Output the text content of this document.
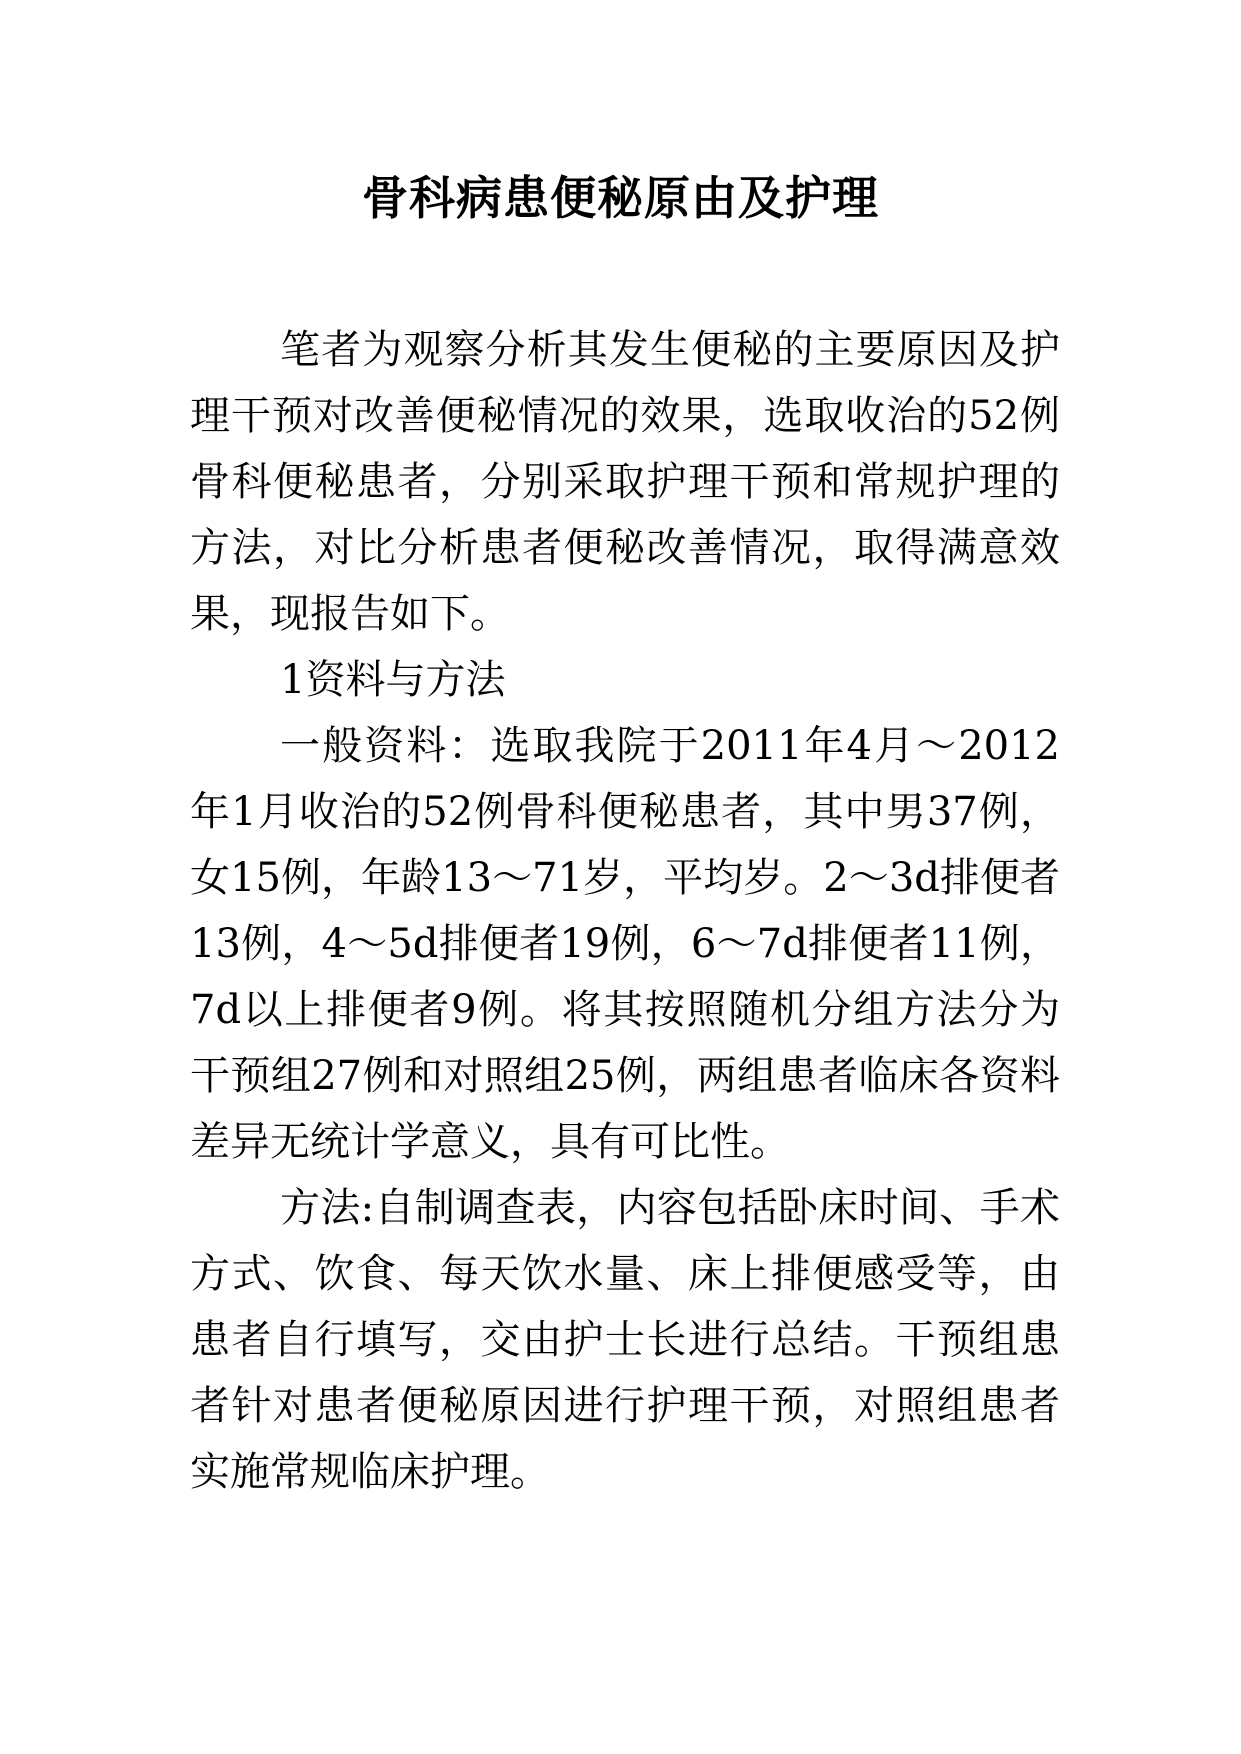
骨科病患便秘原由及护理

笔者为观察分析其发生便秘的主要原因及护理干预对改善便秘情况的效果，选取收治的52例骨科便秘患者，分别采取护理干预和常规护理的方法，对比分析患者便秘改善情况，取得满意效果，现报告如下。

1资料与方法

一般资料：选取我院于2011年4月～2012年1月收治的52例骨科便秘患者，其中男37例，女15例，年龄13～71岁，平均岁。2～3d排便者13例，4～5d排便者19例，6～7d排便者11例，7d以上排便者9例。将其按照随机分组方法分为干预组27例和对照组25例，两组患者临床各资料差异无统计学意义，具有可比性。

方法:自制调查表，内容包括卧床时间、手术方式、饮食、每天饮水量、床上排便感受等，由患者自行填写，交由护士长进行总结。干预组患者针对患者便秘原因进行护理干预，对照组患者实施常规临床护理。
